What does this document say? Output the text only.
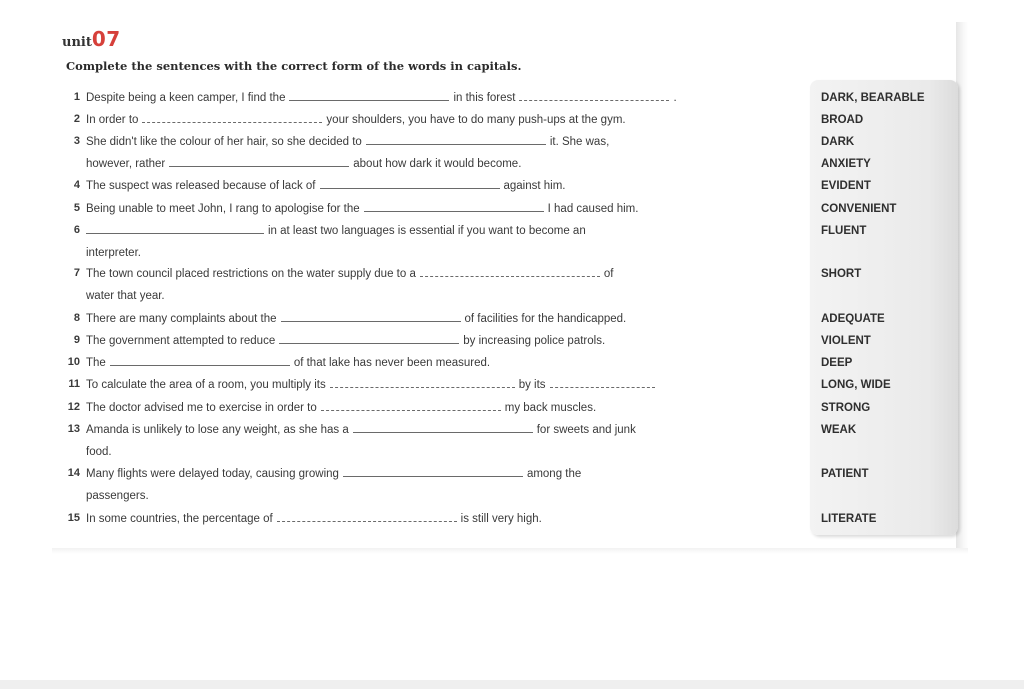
unit07
Complete the sentences with the correct form of the words in capitals.
1 Despite being a keen camper, I find the	in this forest	.	DARK, BEARABLE
2 In order to	your shoulders, you have to do many push-ups at the gym.	BROAD
3 She didn't like the colour of her hair, so she decided to	it. She was,	DARK
however, rather	about how dark it would become.	ANXIETY
4 The suspect was released because of lack of	against him.	EVIDENT
5 Being unable to meet John, I rang to apologise for the	I had caused him.	CONVENIENT
6	in at least two languages is essential if you want to become an	FLUENT
interpreter.
7 The town council placed restrictions on the water supply due to a	of	SHORT
water that year.
8 There are many complaints about the	of facilities for the handicapped.	ADEQUATE
9 The government attempted to reduce	by increasing police patrols.	VIOLENT
10 The	of that lake has never been measured.	DEEP
11 To calculate the area of a room, you multiply its	by its	LONG, WIDE
12 The doctor advised me to exercise in order to	my back muscles.	STRONG
13 Amanda is unlikely to lose any weight, as she has a	for sweets and junk	WEAK
food.
14 Many flights were delayed today, causing growing	among the	PATIENT
passengers.
15 In some countries, the percentage of	is still very high.	LITERATE
